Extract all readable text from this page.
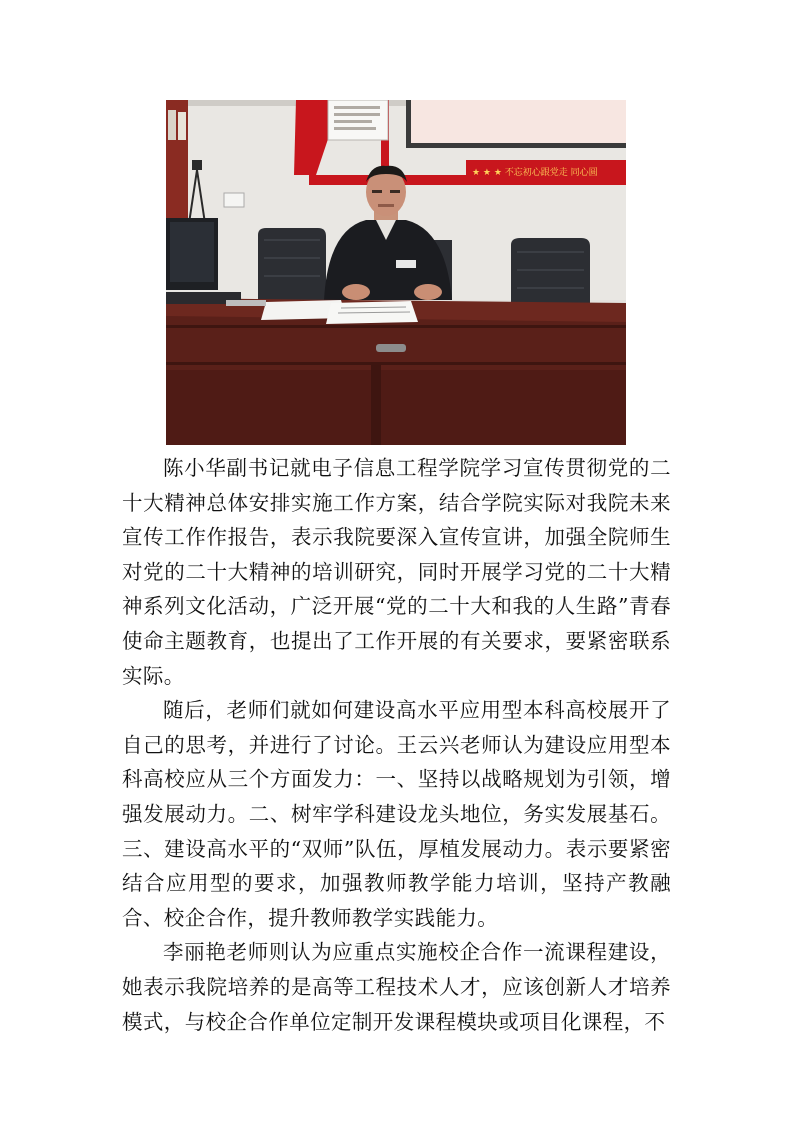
★ ★ ★ 不忘初心跟党走 同心圆

陈小华副书记就电子信息工程学院学习宣传贯彻党的二十大精神总体安排实施工作方案，结合学院实际对我院未来宣传工作作报告，表示我院要深入宣传宣讲，加强全院师生对党的二十大精神的培训研究，同时开展学习党的二十大精神系列文化活动，广泛开展“党的二十大和我的人生路”青春使命主题教育，也提出了工作开展的有关要求，要紧密联系实际。

随后，老师们就如何建设高水平应用型本科高校展开了自己的思考，并进行了讨论。王云兴老师认为建设应用型本科高校应从三个方面发力：一、坚持以战略规划为引领，增强发展动力。二、树牢学科建设龙头地位，务实发展基石。三、建设高水平的“双师”队伍，厚植发展动力。表示要紧密结合应用型的要求，加强教师教学能力培训，坚持产教融合、校企合作，提升教师教学实践能力。

李丽艳老师则认为应重点实施校企合作一流课程建设，她表示我院培养的是高等工程技术人才，应该创新人才培养模式，与校企合作单位定制开发课程模块或项目化课程，不
